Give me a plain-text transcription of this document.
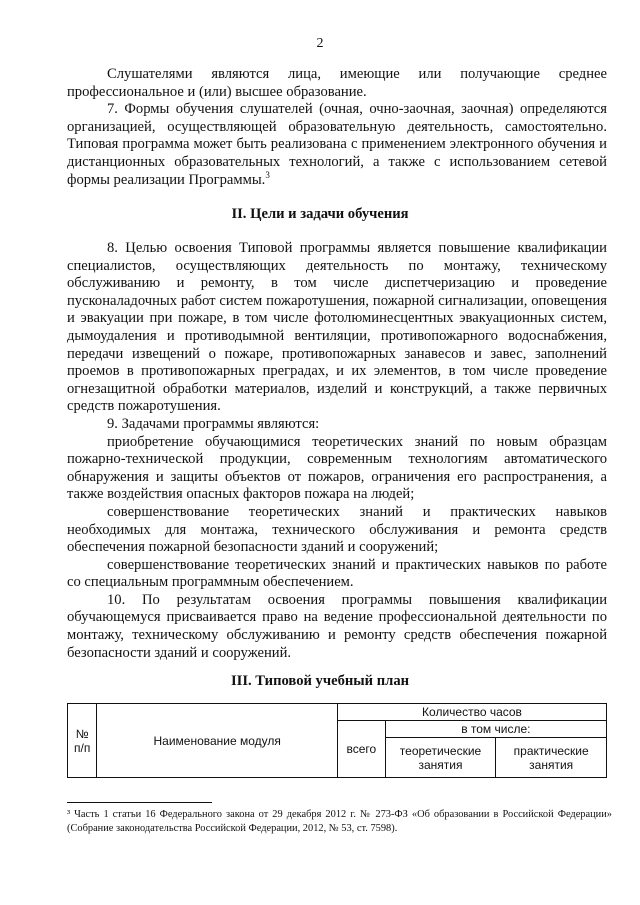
2

Слушателями являются лица, имеющие или получающие среднее профессиональное и (или) высшее образование.

7. Формы обучения слушателей (очная, очно-заочная, заочная) определяются организацией, осуществляющей образовательную деятельность, самостоятельно. Типовая программа может быть реализована с применением электронного обучения и дистанционных образовательных технологий, а также с использованием сетевой формы реализации Программы.$^3$

II. Цели и задачи обучения

8. Целью освоения Типовой программы является повышение квалификации специалистов, осуществляющих деятельность по монтажу, техническому обслуживанию и ремонту, в том числе диспетчеризацию и проведение пусконаладочных работ систем пожаротушения, пожарной сигнализации, оповещения и эвакуации при пожаре, в том числе фотолюминесцентных эвакуационных систем, дымоудаления и противодымной вентиляции, противопожарного водоснабжения, передачи извещений о пожаре, противопожарных занавесов и завес, заполнений проемов в противопожарных преградах, и их элементов, в том числе проведение огнезащитной обработки материалов, изделий и конструкций, а также первичных средств пожаротушения.

9. Задачами программы являются:

приобретение обучающимися теоретических знаний по новым образцам пожарно-технической продукции, современным технологиям автоматического обнаружения и защиты объектов от пожаров, ограничения его распространения, а также воздействия опасных факторов пожара на людей;

совершенствование теоретических знаний и практических навыков необходимых для монтажа, технического обслуживания и ремонта средств обеспечения пожарной безопасности зданий и сооружений;

совершенствование теоретических знаний и практических навыков по работе со специальным программным обеспечением.

10. По результатам освоения программы повышения квалификации обучающемуся присваивается право на ведение профессиональной деятельности по монтажу, техническому обслуживанию и ремонту средств обеспечения пожарной безопасности зданий и сооружений.

III. Типовой учебный план
№ п/п	Наименование модуля	Количество часов		
		всего	в том числе:	
			теоретические занятия	практические занятия
³ Часть 1 статьи 16 Федерального закона от 29 декабря 2012 г. № 273-ФЗ «Об образовании в Российской Федерации» (Собрание законодательства Российской Федерации, 2012, № 53, ст. 7598).
